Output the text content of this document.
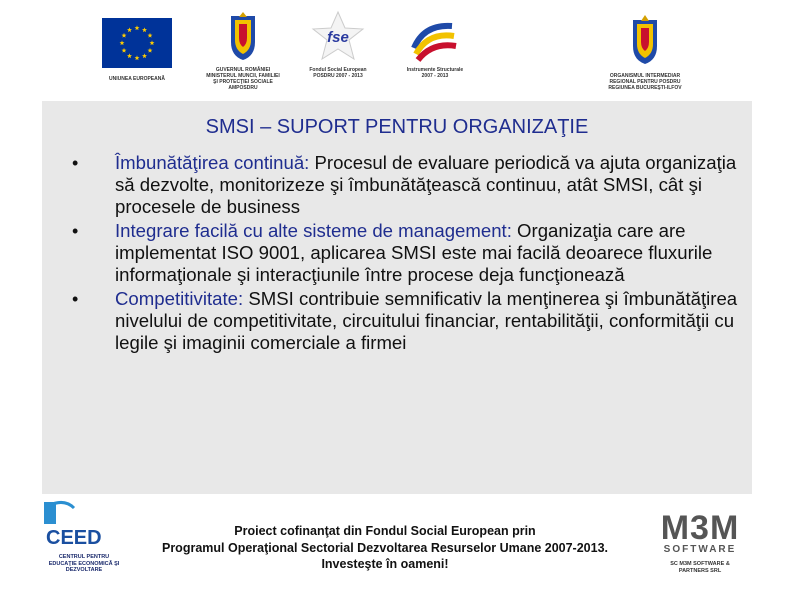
UNIUNEA EUROPEANĂ
GUVERNUL ROMÂNIEI
MINISTERUL MUNCII, FAMILIEI
ŞI PROTECŢIEI SOCIALE
AMPOSDRU
fse
Fondul Social European
POSDRU 2007 - 2013
Instrumente Structurale
2007 - 2013	ORGANISMUL INTERMEDIAR
REGIONAL PENTRU POSDRU
REGIUNEA BUCUREŞTI-ILFOV
SMSI – SUPORT PENTRU ORGANIZAŢIE
• Îmbunătăţirea continuă: Procesul de evaluare periodică va ajuta organizaţia să dezvolte, monitorizeze şi îmbunătăţească continuu, atât SMSI, cât şi procesele de business
• Integrare facilă cu alte sisteme de management: Organizaţia care are implementat ISO 9001, aplicarea SMSI este mai facilă deoarece fluxurile informaţionale şi interacţiunile între procese deja funcţionează
• Competitivitate: SMSI contribuie semnificativ la menţinerea şi îmbunătăţirea nivelului de competitivitate, circuitului financiar, rentabilităţii, conformităţii cu legile şi imaginii comerciale a firmei
CEED
CENTRUL PENTRU
EDUCAŢIE ECONOMICĂ ŞI
DEZVOLTARE
Proiect cofinanţat din Fondul Social European prin
Programul Operaţional Sectorial Dezvoltarea Resurselor Umane 2007-2013.
Investeşte în oameni!
M3M
SOFTWARE
SC M3M SOFTWARE &
PARTNERS SRL
